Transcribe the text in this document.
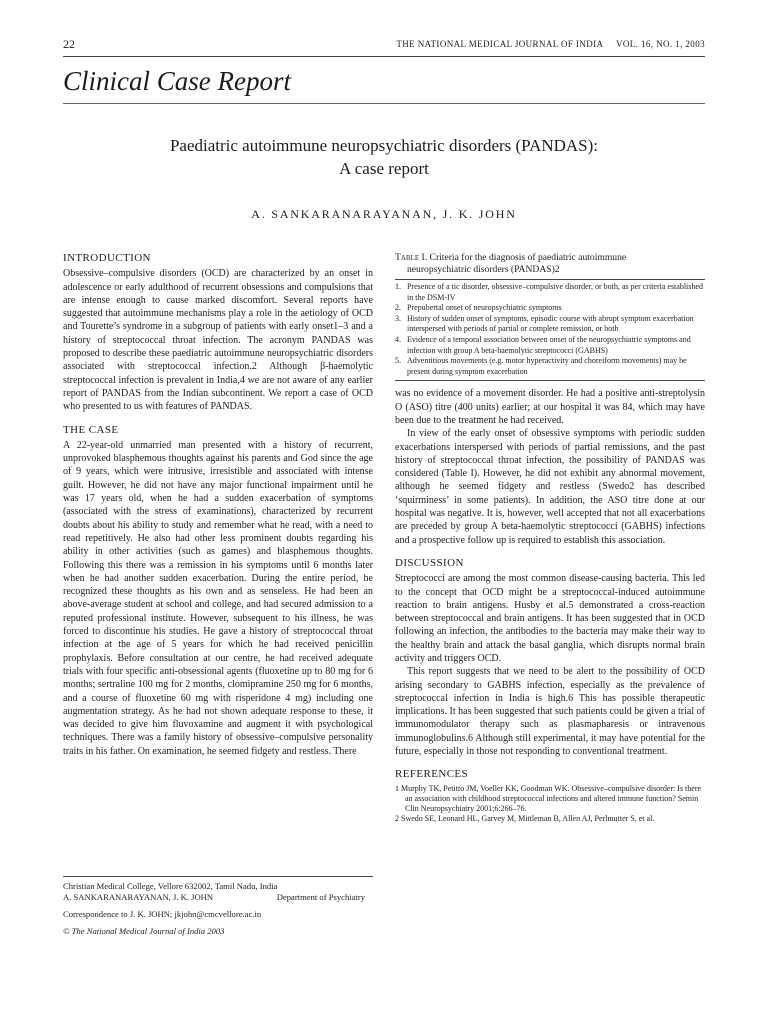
22	THE NATIONAL MEDICAL JOURNAL OF INDIA     VOL. 16, NO. 1, 2003
Clinical Case Report
Paediatric autoimmune neuropsychiatric disorders (PANDAS):
A case report
A. SANKARANARAYANAN, J. K. JOHN
INTRODUCTION

Obsessive–compulsive disorders (OCD) are characterized by an onset in adolescence or early adulthood of recurrent obsessions and compulsions that are intense enough to cause marked discomfort. Several reports have suggested that autoimmune mechanisms play a role in the aetiology of OCD and Tourette’s syndrome in a subgroup of patients with early onset1–3 and a history of streptococcal throat infection. The acronym PANDAS was proposed to describe these paediatric autoimmune neuropsychiatric disorders associated with streptococcal infection.2 Although β-haemolytic streptococcal infection is prevalent in India,4 we are not aware of any earlier report of PANDAS from the Indian subcontinent. We report a case of OCD who presented to us with features of PANDAS.

THE CASE

A 22-year-old unmarried man presented with a history of recurrent, unprovoked blasphemous thoughts against his parents and God since the age of 9 years, which were intrusive, irresistible and associated with intense guilt. However, he did not have any major functional impairment until he was 17 years old, when he had a sudden exacerbation of symptoms (associated with the stress of examinations), characterized by recurrent doubts about his ability to study and remember what he read, with a need to read repetitively. He also had other less prominent doubts regarding his ability in other activities (such as games) and blasphemous thoughts. Following this there was a remission in his symptoms until 6 months later when he had another sudden exacerbation. During the entire period, he recognized these thoughts as his own and as senseless. He had been an above-average student at school and college, and had secured admission to a reputed professional institute. However, subsequent to his illness, he was forced to discontinue his studies. He gave a history of streptococcal throat infection at the age of 5 years for which he had received penicillin prophylaxis. Before consultation at our centre, he had received adequate trials with four specific anti-obsessional agents (fluoxetine up to 80 mg for 6 months; sertraline 100 mg for 2 months, clomipramine 250 mg for 6 months, and a course of fluoxetine 60 mg with risperidone 4 mg) including one augmentation strategy. As he had not shown adequate response to these, it was decided to give him fluvoxamine and augment it with psychological techniques. There was a family history of obsessive–compulsive personality traits in his father. On examination, he seemed fidgety and restless. There

Christian Medical College, Vellore 632002, Tamil Nadu, India
A. SANKARANARAYANAN, J. K. JOHN	Department of Psychiatry
Correspondence to J. K. JOHN; jkjohn@cmcvellore.ac.in
© The National Medical Journal of India 2003
Table I. Criteria for the diagnosis of paediatric autoimmune
neuropsychiatric disorders (PANDAS)2
1. Presence of a tic disorder, obsessive–compulsive disorder, or both, as per criteria established in the DSM-IV
2. Prepubertal onset of neuropsychiatric symptoms
3. History of sudden onset of symptoms, episodic course with abrupt symptom exacerbation interspersed with periods of partial or complete remission, or both
4. Evidence of a temporal association between onset of the neuropsychiatric symptoms and infection with group A beta-haemolytic streptococci (GABHS)
5. Adventitious movements (e.g. motor hyperactivity and choreiform movements) may be present during symptom exacerbation

was no evidence of a movement disorder. He had a positive anti-streptolysin O (ASO) titre (400 units) earlier; at our hospital it was 84, which may have been due to the treatment he had received.

In view of the early onset of obsessive symptoms with periodic sudden exacerbations interspersed with periods of partial remissions, and the past history of streptococcal throat infection, the possibility of PANDAS was considered (Table I). However, he did not exhibit any abnormal movement, although he seemed fidgety and restless (Swedo2 has described ‘squirminess’ in some patients). In addition, the ASO titre done at our hospital was negative. It is, however, well accepted that not all exacerbations are preceded by group A beta-haemolytic streptococci (GABHS) infections and a prospective follow up is required to establish this association.

DISCUSSION

Streptococci are among the most common disease-causing bacteria. This led to the concept that OCD might be a streptococcal-induced autoimmune reaction to brain antigens. Husby et al.5 demonstrated a cross-reaction between streptococcal and brain antigens. It has been suggested that in OCD following an infection, the antibodies to the bacteria may make their way to the healthy brain and attack the basal ganglia, which disrupts normal brain activity and triggers OCD.

This report suggests that we need to be alert to the possibility of OCD arising secondary to GABHS infection, especially as the prevalence of streptococcal infection in India is high.6 This has possible therapeutic implications. It has been suggested that such patients could be given a trial of immunomodulator therapy such as plasmapharesis or intravenous immunoglobulins.6 Although still experimental, it may have potential for the future, especially in those not responding to conventional treatment.

REFERENCES
1 Murphy TK, Petitto JM, Voeller KK, Goodman WK. Obsessive–compulsive disorder: Is there an association with childhood streptococcal infections and altered immune function? Semin Clin Neuropsychiatry 2001;6:266–76.
2 Swedo SE, Leonard HL, Garvey M, Mittleman B, Allen AJ, Perlmutter S, et al.
